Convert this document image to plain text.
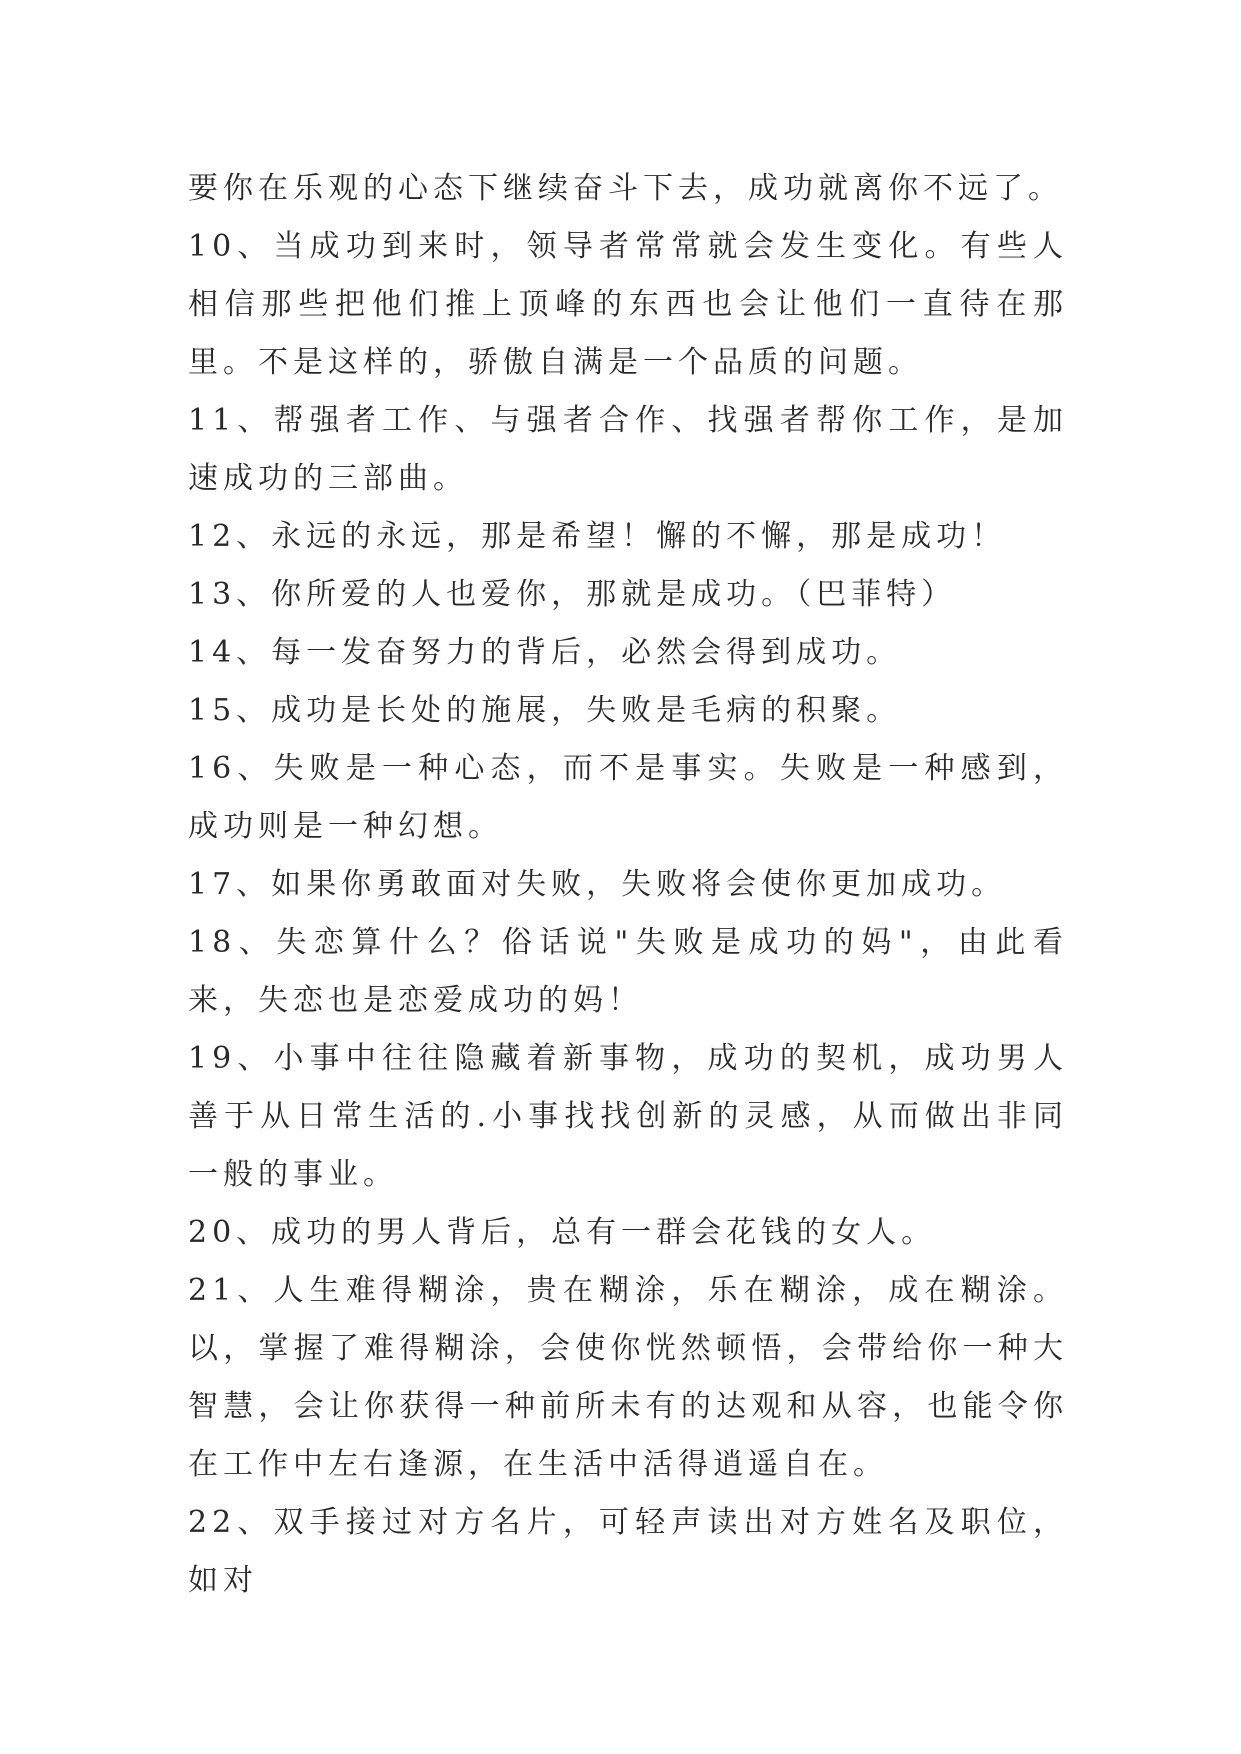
要你在乐观的心态下继续奋斗下去，成功就离你不远了。

10、当成功到来时，领导者常常就会发生变化。有些人相信那些把他们推上顶峰的东西也会让他们一直待在那里。不是这样的，骄傲自满是一个品质的问题。

11、帮强者工作、与强者合作、找强者帮你工作，是加速成功的三部曲。

12、永远的永远，那是希望！懈的不懈，那是成功！

13、你所爱的人也爱你，那就是成功。（巴菲特）

14、每一发奋努力的背后，必然会得到成功。

15、成功是长处的施展，失败是毛病的积聚。

16、失败是一种心态，而不是事实。失败是一种感到，成功则是一种幻想。

17、如果你勇敢面对失败，失败将会使你更加成功。

18、失恋算什么？俗话说"失败是成功的妈"，由此看来，失恋也是恋爱成功的妈！

19、小事中往往隐藏着新事物，成功的契机，成功男人善于从日常生活的.小事找找创新的灵感，从而做出非同一般的事业。

20、成功的男人背后，总有一群会花钱的女人。

21、人生难得糊涂，贵在糊涂，乐在糊涂，成在糊涂。以，掌握了难得糊涂，会使你恍然顿悟，会带给你一种大智慧，会让你获得一种前所未有的达观和从容，也能令你在工作中左右逢源，在生活中活得逍遥自在。

22、双手接过对方名片，可轻声读出对方姓名及职位，如对
